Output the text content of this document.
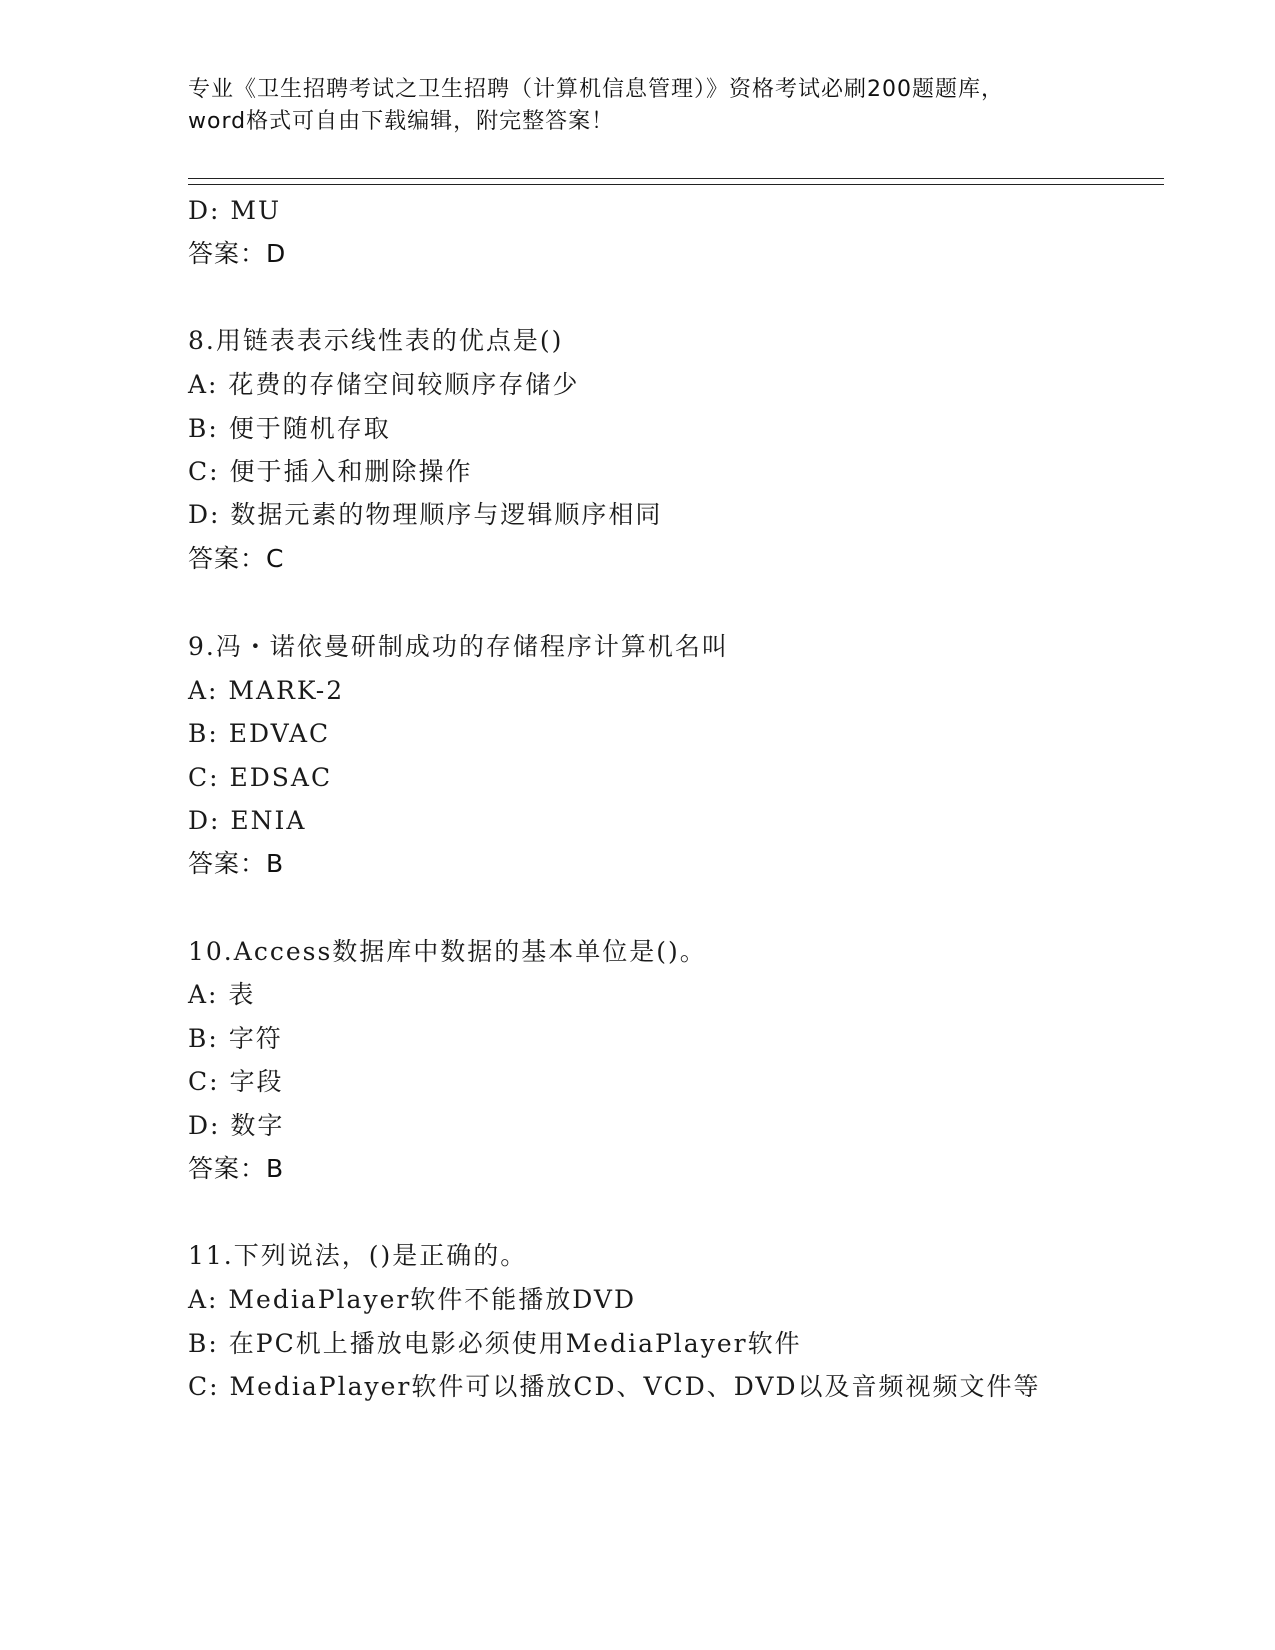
专业《卫生招聘考试之卫生招聘（计算机信息管理）》资格考试必刷200题题库，
word格式可自由下载编辑，附完整答案！
D: MU
答案：D
8.用链表表示线性表的优点是()
A: 花费的存储空间较顺序存储少
B: 便于随机存取
C: 便于插入和删除操作
D: 数据元素的物理顺序与逻辑顺序相同
答案：C
9.冯・诺依曼研制成功的存储程序计算机名叫
A: MARK-2
B: EDVAC
C: EDSAC
D: ENIA
答案：B
10.Access数据库中数据的基本单位是()。
A: 表
B: 字符
C: 字段
D: 数字
答案：B
11.下列说法，()是正确的。
A: MediaPlayer软件不能播放DVD
B: 在PC机上播放电影必须使用MediaPlayer软件
C: MediaPlayer软件可以播放CD、VCD、DVD以及音频视频文件等
